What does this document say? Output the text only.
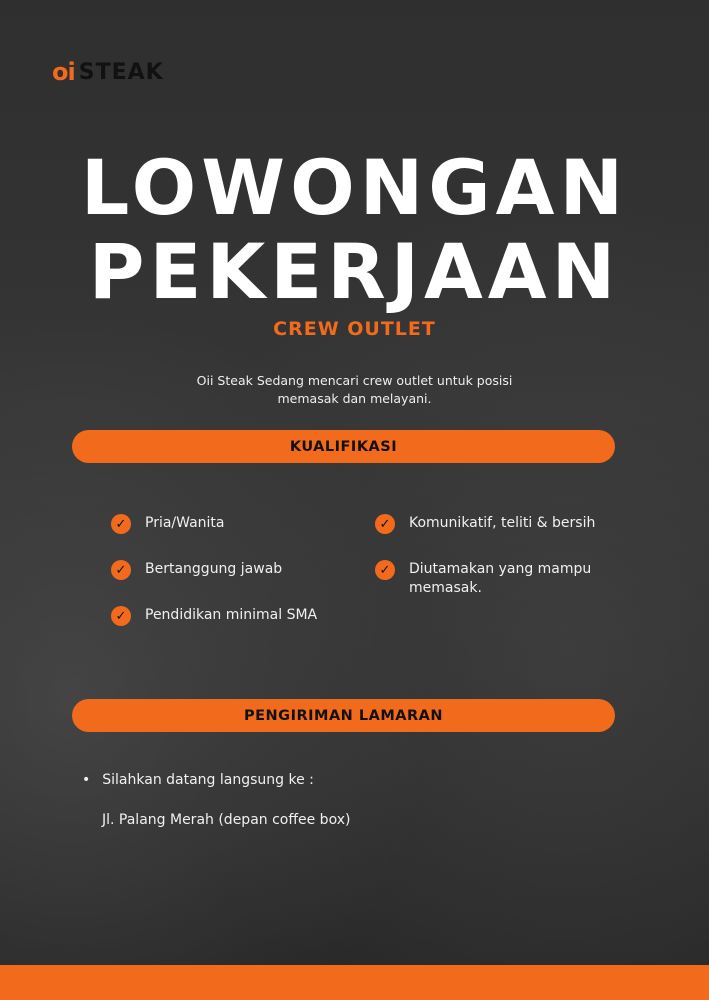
oi STEAK
LOWONGAN
PEKERJAAN
CREW OUTLET
Oii Steak Sedang mencari crew outlet untuk posisi
memasak dan melayani.
KUALIFIKASI
✓	Pria/Wanita
✓	Bertanggung jawab
✓	Pendidikan minimal SMA
✓	Komunikatif, teliti & bersih
✓	Diutamakan yang mampu memasak.
PENGIRIMAN LAMARAN
• Silahkan datang langsung ke :
Jl. Palang Merah (depan coffee box)
